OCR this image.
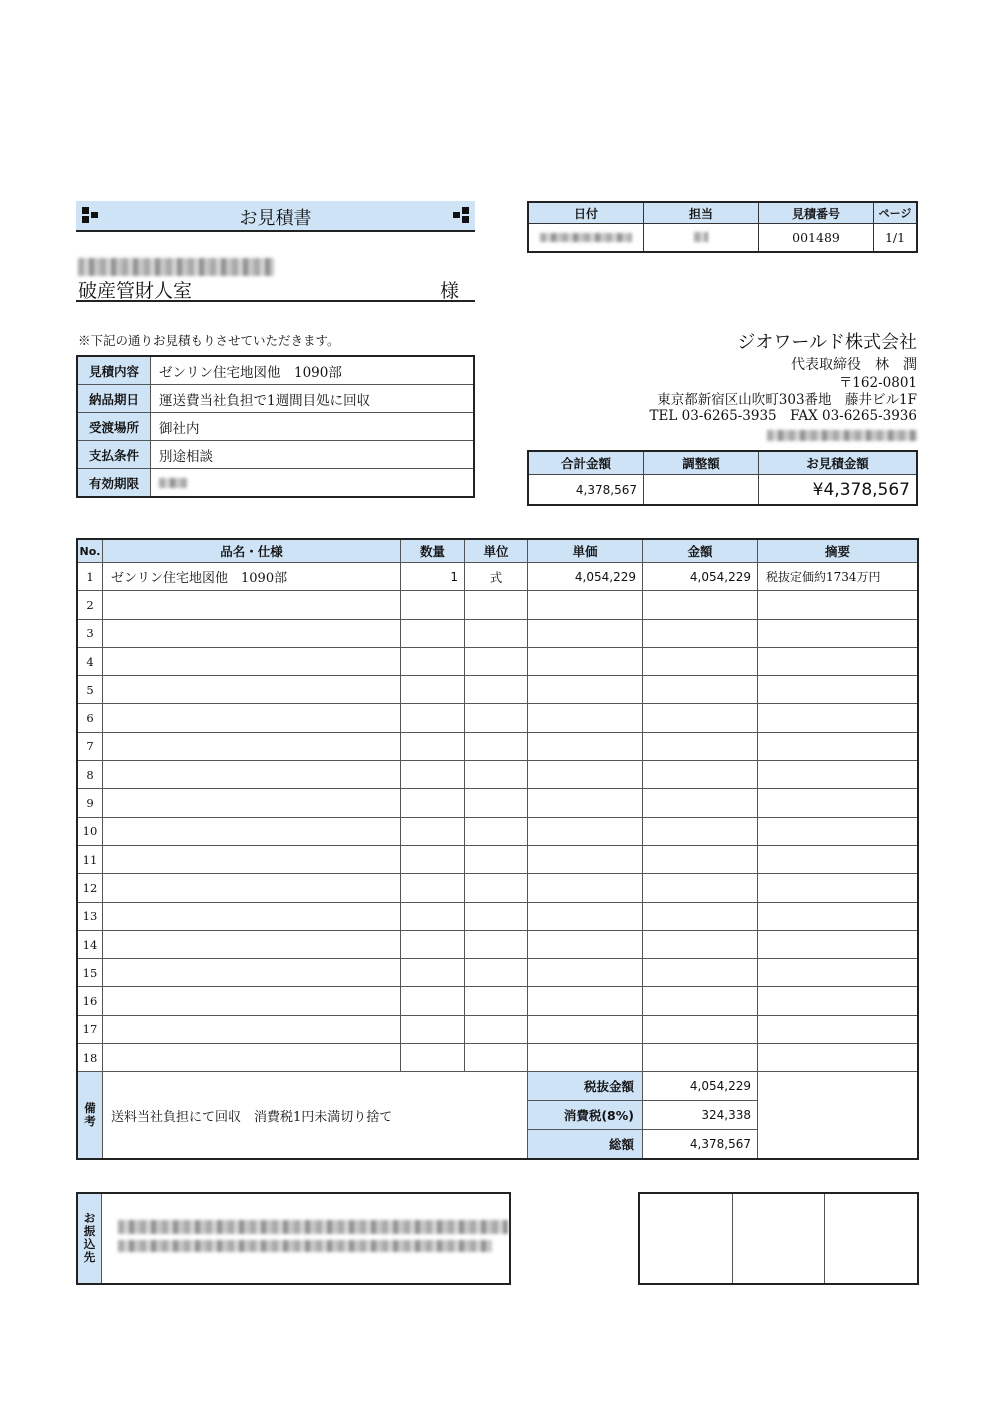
お見積書	日付	担当	見積番号	ページ
		001489	1/1
破産管財人室	様
※下記の通りお見積もりさせていただきます。
見積内容	ゼンリン住宅地図他　1090部
納品期日	運送費当社負担で1週間目処に回収
受渡場所	御社内
支払条件	別途相談
有効期限	
ジオワールド株式会社
代表取締役　林　潤
〒162-0801
東京都新宿区山吹町303番地　藤井ビル1F
TEL 03-6265-3935　FAX 03-6265-3936
合計金額	調整額	お見積金額
4,378,567		¥4,378,567
No.	品名・仕様	数量	単位	単価	金額	摘要
1	ゼンリン住宅地図他　1090部	1	式	4,054,229	4,054,229	税抜定価約1734万円
2						
3						
4						
5						
6						
7						
8						
9						
10						
11						
12						
13						
14						
15						
16						
17						
18						
備考	送料当社負担にて回収　消費税1円未満切り捨て			税抜金額	4,054,229	
				消費税(8%)	324,338	
				総額	4,378,567	
お振込先
